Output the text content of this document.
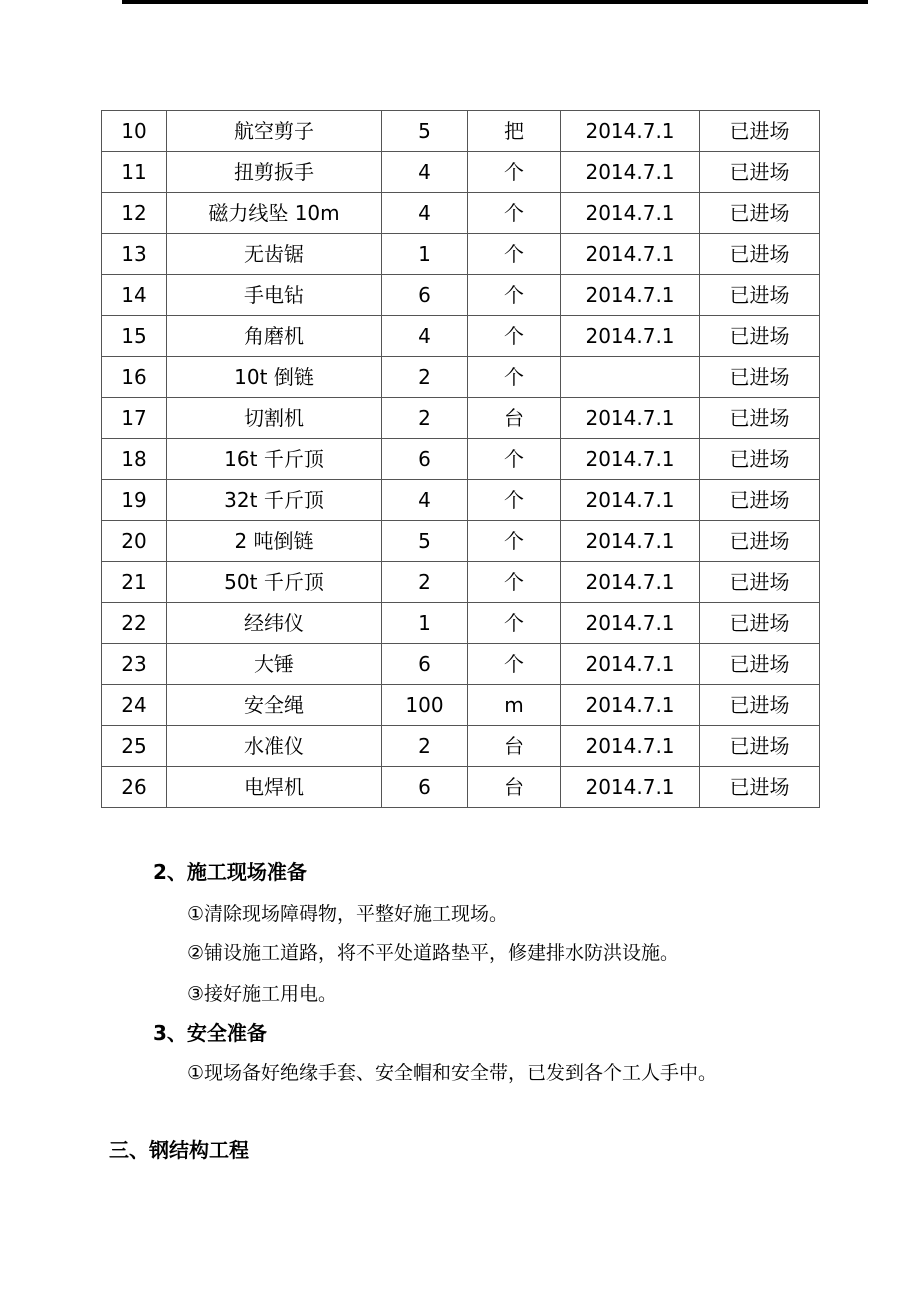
10	航空剪子	5	把	2014.7.1	已进场
11	扭剪扳手	4	个	2014.7.1	已进场
12	磁力线坠 10m	4	个	2014.7.1	已进场
13	无齿锯	1	个	2014.7.1	已进场
14	手电钻	6	个	2014.7.1	已进场
15	角磨机	4	个	2014.7.1	已进场
16	10t 倒链	2	个		已进场
17	切割机	2	台	2014.7.1	已进场
18	16t 千斤顶	6	个	2014.7.1	已进场
19	32t 千斤顶	4	个	2014.7.1	已进场
20	2 吨倒链	5	个	2014.7.1	已进场
21	50t 千斤顶	2	个	2014.7.1	已进场
22	经纬仪	1	个	2014.7.1	已进场
23	大锤	6	个	2014.7.1	已进场
24	安全绳	100	m	2014.7.1	已进场
25	水准仪	2	台	2014.7.1	已进场
26	电焊机	6	台	2014.7.1	已进场
2、施工现场准备
①清除现场障碍物，平整好施工现场。
②铺设施工道路，将不平处道路垫平，修建排水防洪设施。
③接好施工用电。
3、安全准备
①现场备好绝缘手套、安全帽和安全带，已发到各个工人手中。
三、钢结构工程
